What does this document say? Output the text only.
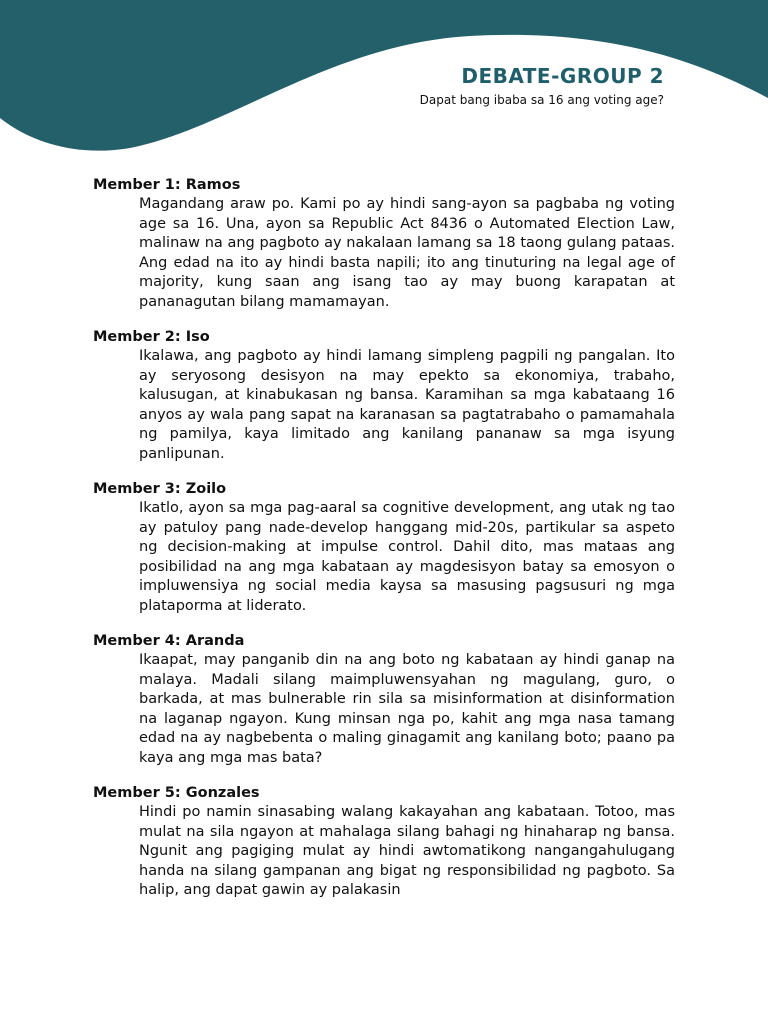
DEBATE-GROUP 2

Dapat bang ibaba sa 16 ang voting age?

Member 1: Ramos

Magandang araw po. Kami po ay hindi sang-ayon sa pagbaba ng voting age sa 16. Una, ayon sa Republic Act 8436 o Automated Election Law, malinaw na ang pagboto ay nakalaan lamang sa 18 taong gulang pataas. Ang edad na ito ay hindi basta napili; ito ang tinuturing na legal age of majority, kung saan ang isang tao ay may buong karapatan at pananagutan bilang mamamayan.

Member 2: Iso

Ikalawa, ang pagboto ay hindi lamang simpleng pagpili ng pangalan. Ito ay seryosong desisyon na may epekto sa ekonomiya, trabaho, kalusugan, at kinabukasan ng bansa. Karamihan sa mga kabataang 16 anyos ay wala pang sapat na karanasan sa pagtatrabaho o pamamahala ng pamilya, kaya limitado ang kanilang pananaw sa mga isyung panlipunan.

Member 3: Zoilo

Ikatlo, ayon sa mga pag-aaral sa cognitive development, ang utak ng tao ay patuloy pang nade-develop hanggang mid-20s, partikular sa aspeto ng decision-making at impulse control. Dahil dito, mas mataas ang posibilidad na ang mga kabataan ay magdesisyon batay sa emosyon o impluwensiya ng social media kaysa sa masusing pagsusuri ng mga plataporma at liderato.

Member 4: Aranda

Ikaapat, may panganib din na ang boto ng kabataan ay hindi ganap na malaya. Madali silang maimpluwensyahan ng magulang, guro, o barkada, at mas bulnerable rin sila sa misinformation at disinformation na laganap ngayon. Kung minsan nga po, kahit ang mga nasa tamang edad na ay nagbebenta o maling ginagamit ang kanilang boto; paano pa kaya ang mga mas bata?

Member 5: Gonzales

Hindi po namin sinasabing walang kakayahan ang kabataan. Totoo, mas mulat na sila ngayon at mahalaga silang bahagi ng hinaharap ng bansa. Ngunit ang pagiging mulat ay hindi awtomatikong nangangahulugang handa na silang gampanan ang bigat ng responsibilidad ng pagboto. Sa halip, ang dapat gawin ay palakasin
